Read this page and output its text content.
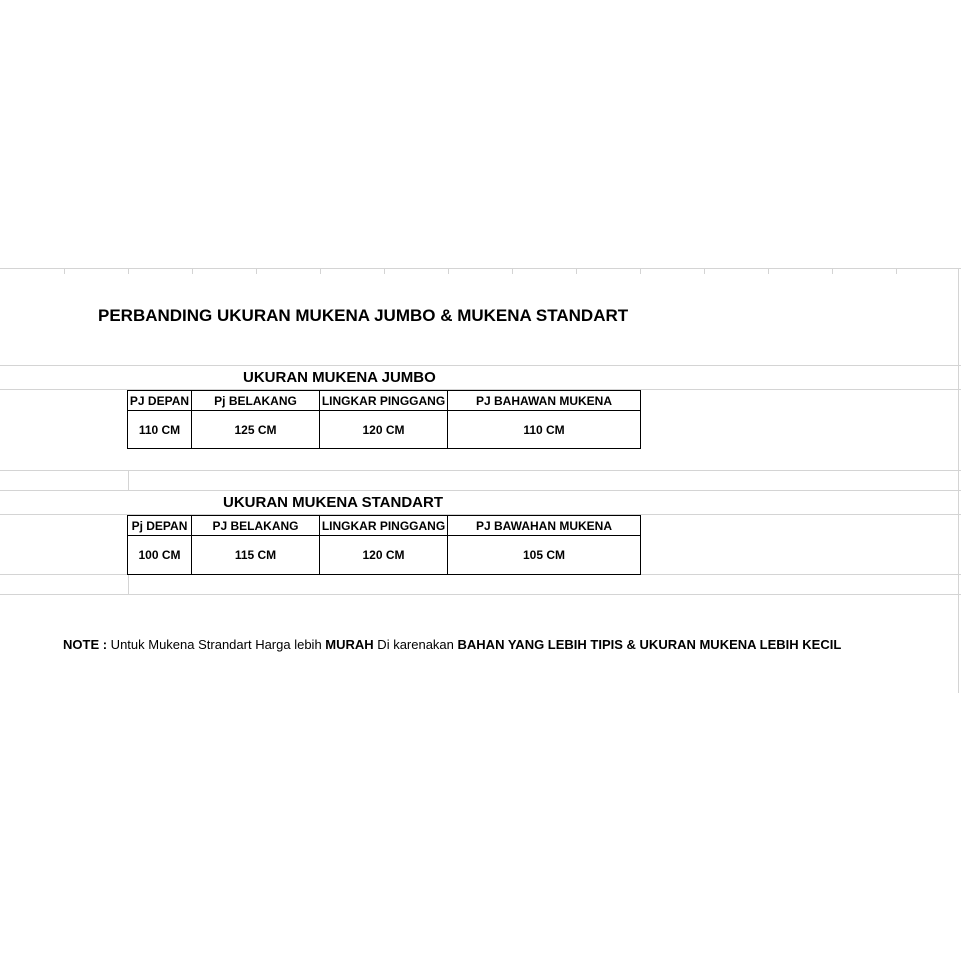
PERBANDING UKURAN MUKENA JUMBO & MUKENA STANDART
UKURAN MUKENA JUMBO
PJ DEPAN	Pj BELAKANG	LINGKAR PINGGANG	PJ BAHAWAN MUKENA
110 CM	125 CM	120 CM	110 CM
UKURAN MUKENA STANDART
Pj DEPAN	PJ BELAKANG	LINGKAR PINGGANG	PJ BAWAHAN MUKENA
100 CM	115 CM	120 CM	105 CM
NOTE : Untuk Mukena Strandart Harga lebih MURAH Di karenakan BAHAN YANG LEBIH TIPIS & UKURAN MUKENA LEBIH KECIL
